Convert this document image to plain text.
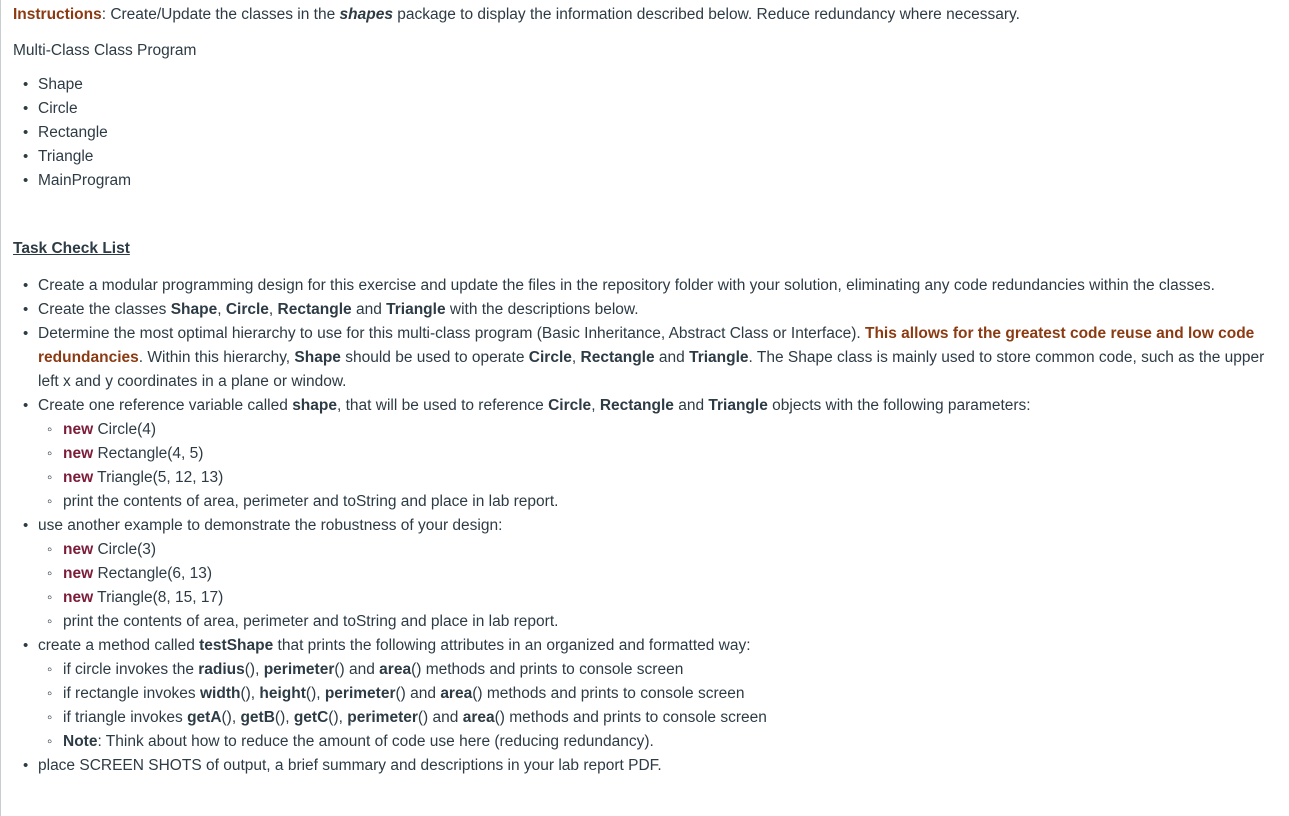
Instructions: Create/Update the classes in the shapes package to display the information described below. Reduce redundancy where necessary.

Multi-Class Class Program

• Shape
• Circle
• Rectangle
• Triangle
• MainProgram

Task Check List

• Create a modular programming design for this exercise and update the files in the repository folder with your solution, eliminating any code redundancies within the classes.
• Create the classes Shape, Circle, Rectangle and Triangle with the descriptions below.
• Determine the most optimal hierarchy to use for this multi-class program (Basic Inheritance, Abstract Class or Interface). This allows for the greatest code reuse and low code redundancies. Within this hierarchy, Shape should be used to operate Circle, Rectangle and Triangle. The Shape class is mainly used to store common code, such as the upper left x and y coordinates in a plane or window.
• Create one reference variable called shape, that will be used to reference Circle, Rectangle and Triangle objects with the following parameters:
◦ new Circle(4)
◦ new Rectangle(4, 5)
◦ new Triangle(5, 12, 13)
◦ print the contents of area, perimeter and toString and place in lab report.
• use another example to demonstrate the robustness of your design:
◦ new Circle(3)
◦ new Rectangle(6, 13)
◦ new Triangle(8, 15, 17)
◦ print the contents of area, perimeter and toString and place in lab report.
• create a method called testShape that prints the following attributes in an organized and formatted way:
◦ if circle invokes the radius(), perimeter() and area() methods and prints to console screen
◦ if rectangle invokes width(), height(), perimeter() and area() methods and prints to console screen
◦ if triangle invokes getA(), getB(), getC(), perimeter() and area() methods and prints to console screen
◦ Note: Think about how to reduce the amount of code use here (reducing redundancy).
• place SCREEN SHOTS of output, a brief summary and descriptions in your lab report PDF.
